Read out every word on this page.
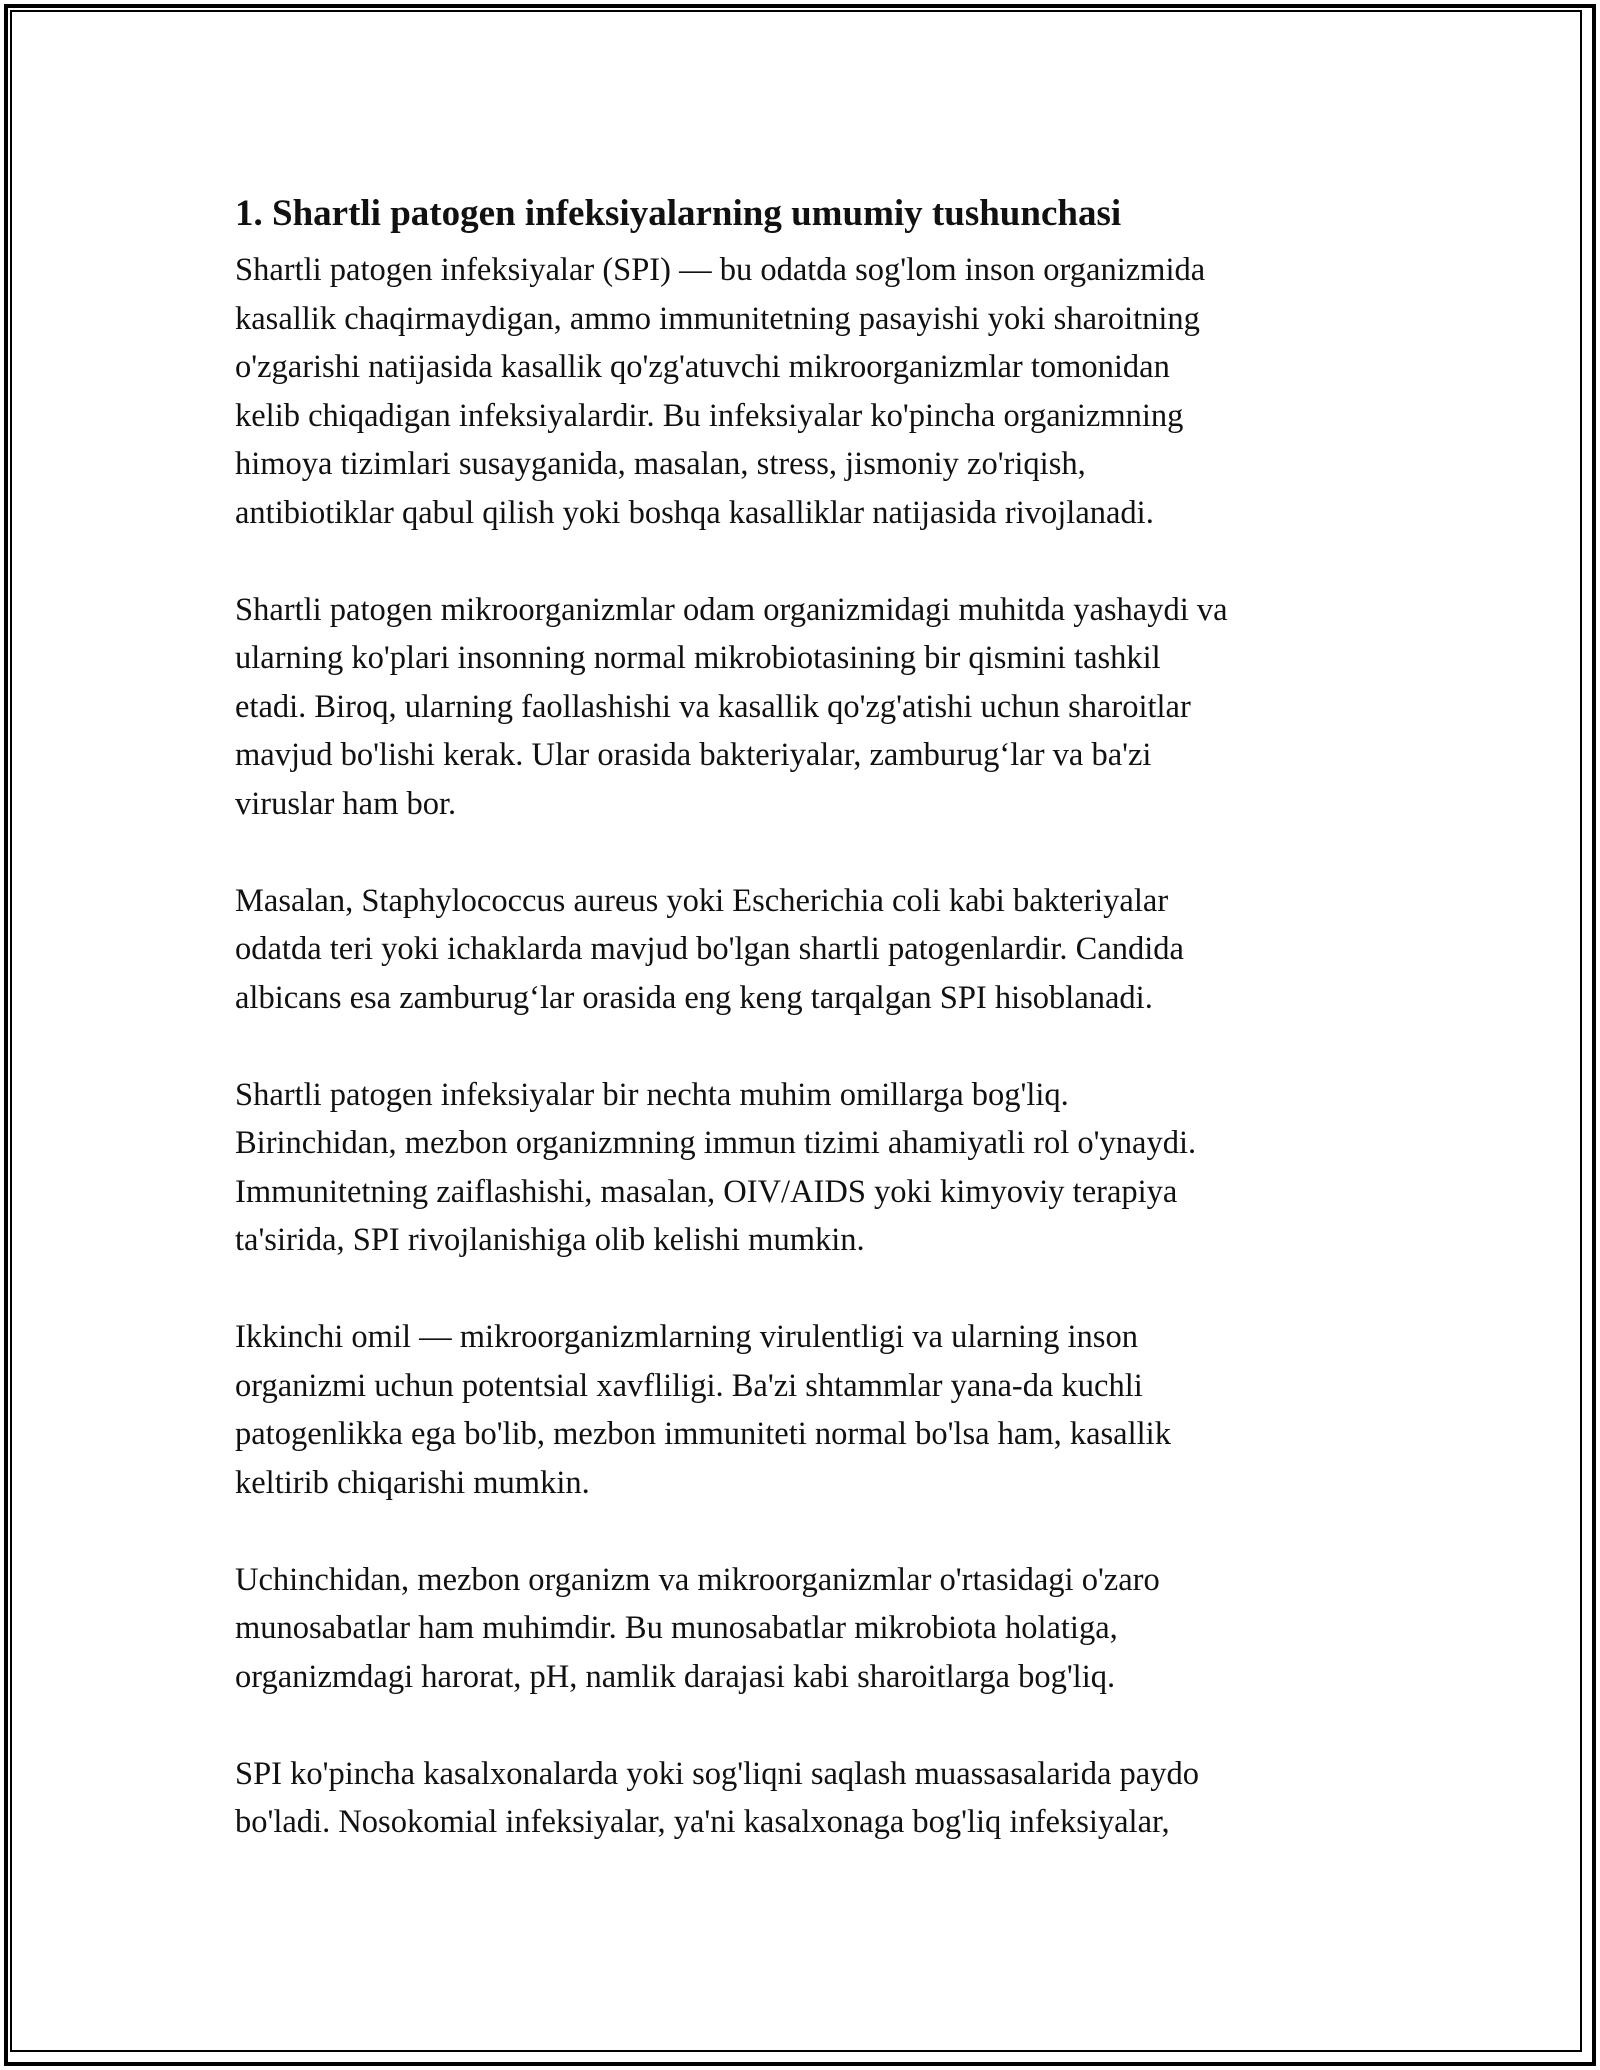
1. Shartli patogen infeksiyalarning umumiy tushunchasi

Shartli patogen infeksiyalar (SPI) — bu odatda sog'lom inson organizmida
kasallik chaqirmaydigan, ammo immunitetning pasayishi yoki sharoitning
o'zgarishi natijasida kasallik qo'zg'atuvchi mikroorganizmlar tomonidan
kelib chiqadigan infeksiyalardir. Bu infeksiyalar ko'pincha organizmning
himoya tizimlari susayganida, masalan, stress, jismoniy zo'riqish,
antibiotiklar qabul qilish yoki boshqa kasalliklar natijasida rivojlanadi.

Shartli patogen mikroorganizmlar odam organizmidagi muhitda yashaydi va
ularning ko'plari insonning normal mikrobiotasining bir qismini tashkil
etadi. Biroq, ularning faollashishi va kasallik qo'zg'atishi uchun sharoitlar
mavjud bo'lishi kerak. Ular orasida bakteriyalar, zamburug‘lar va ba'zi
viruslar ham bor.

Masalan, Staphylococcus aureus yoki Escherichia coli kabi bakteriyalar
odatda teri yoki ichaklarda mavjud bo'lgan shartli patogenlardir. Candida
albicans esa zamburug‘lar orasida eng keng tarqalgan SPI hisoblanadi.

Shartli patogen infeksiyalar bir nechta muhim omillarga bog'liq.
Birinchidan, mezbon organizmning immun tizimi ahamiyatli rol o'ynaydi.
Immunitetning zaiflashishi, masalan, OIV/AIDS yoki kimyoviy terapiya
ta'sirida, SPI rivojlanishiga olib kelishi mumkin.

Ikkinchi omil — mikroorganizmlarning virulentligi va ularning inson
organizmi uchun potentsial xavfliligi. Ba'zi shtammlar yana-da kuchli
patogenlikka ega bo'lib, mezbon immuniteti normal bo'lsa ham, kasallik
keltirib chiqarishi mumkin.

Uchinchidan, mezbon organizm va mikroorganizmlar o'rtasidagi o'zaro
munosabatlar ham muhimdir. Bu munosabatlar mikrobiota holatiga,
organizmdagi harorat, pH, namlik darajasi kabi sharoitlarga bog'liq.

SPI ko'pincha kasalxonalarda yoki sog'liqni saqlash muassasalarida paydo
bo'ladi. Nosokomial infeksiyalar, ya'ni kasalxonaga bog'liq infeksiyalar,
